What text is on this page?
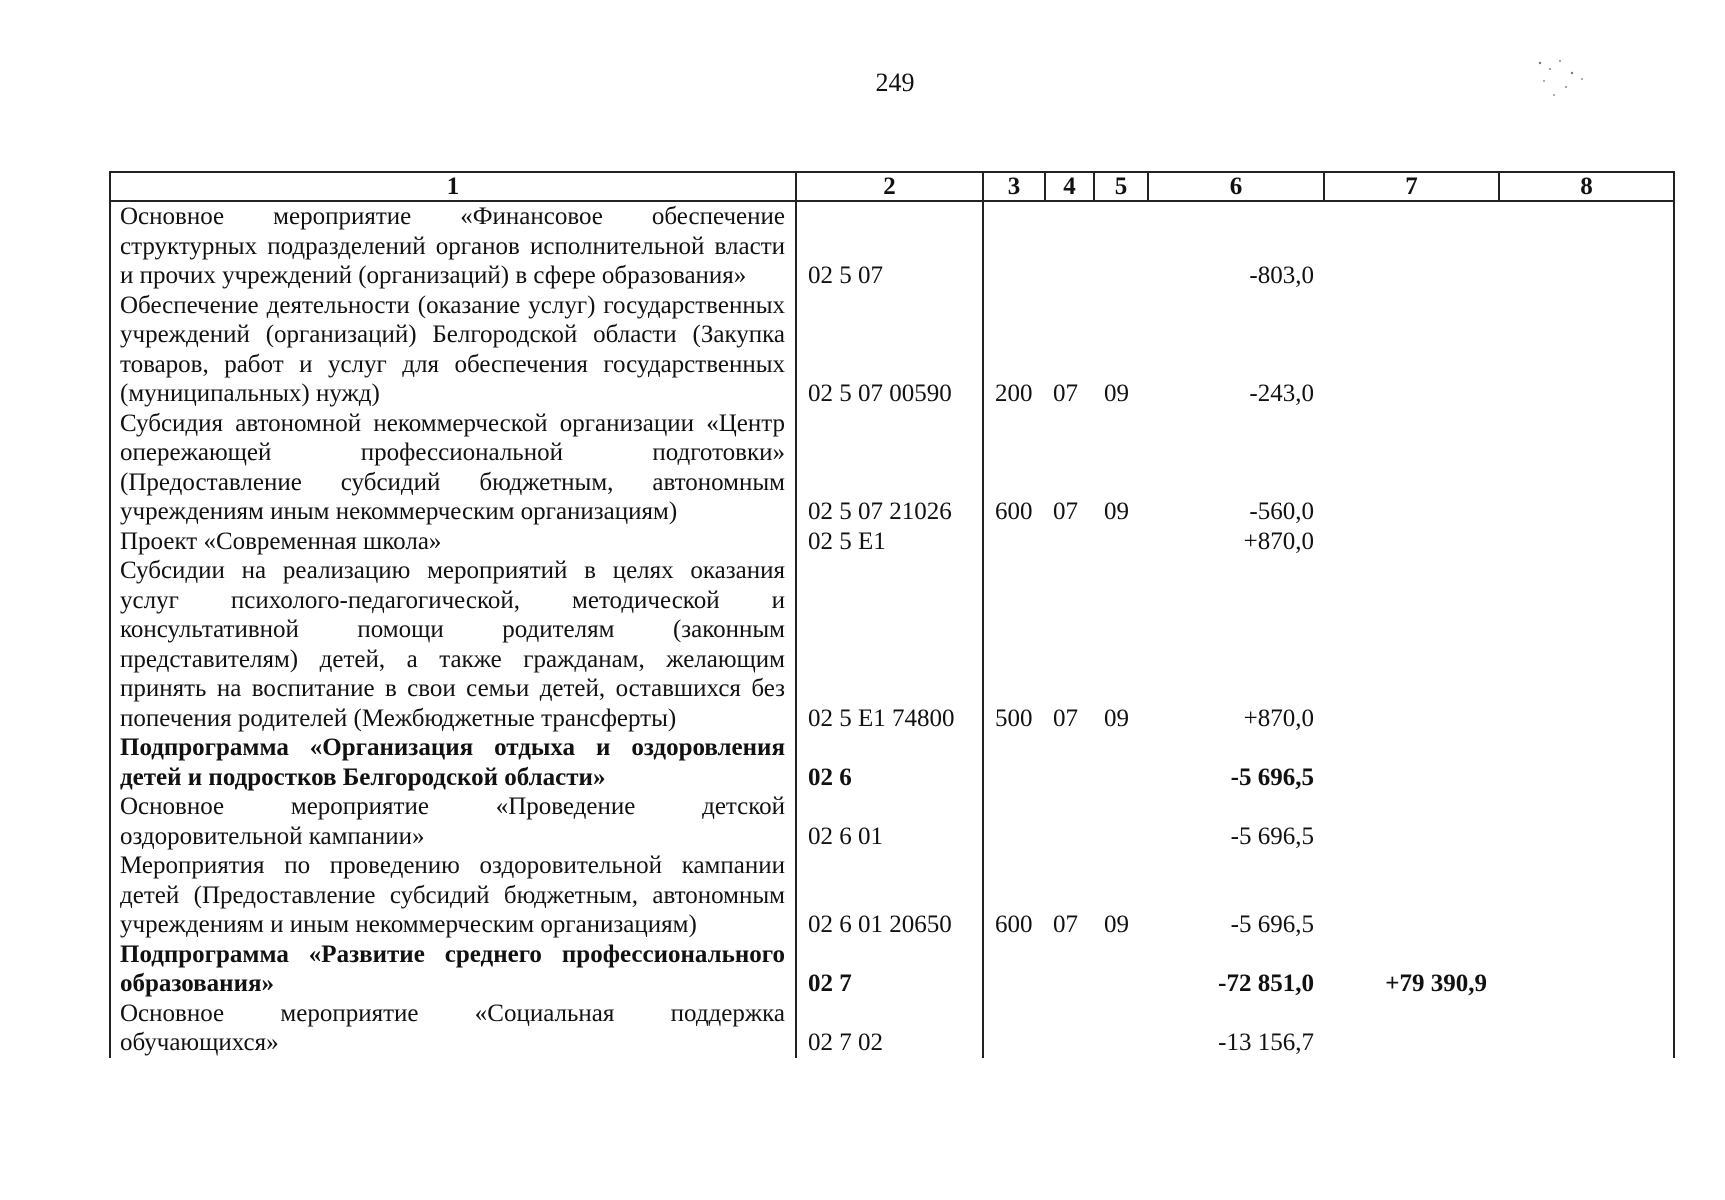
249
1	2	3	4	5	6	7	8
Основное мероприятие «Финансовое обеспечение структурных подразделений органов исполнительной власти и прочих учреждений (организаций) в сфере образования»	02 5 07				-803,0		
Обеспечение деятельности (оказание услуг) государственных учреждений (организаций) Белгородской области (Закупка товаров, работ и услуг для обеспечения государственных (муниципальных) нужд)	02 5 07 00590	200	07	09	-243,0		
Субсидия автономной некоммерческой организации «Центр опережающей профессиональной подготовки» (Предоставление субсидий бюджетным, автономным учреждениям иным некоммерческим организациям)	02 5 07 21026	600	07	09	-560,0		
Проект «Современная школа»	02 5 E1				+870,0		
Субсидии на реализацию мероприятий в целях оказания услуг психолого-педагогической, методической и консультативной помощи родителям (законным представителям) детей, а также гражданам, желающим принять на воспитание в свои семьи детей, оставшихся без попечения родителей (Межбюджетные трансферты)	02 5 E1 74800	500	07	09	+870,0		
Подпрограмма «Организация отдыха и оздоровления детей и подростков Белгородской области»	02 6				-5 696,5		
Основное мероприятие «Проведение детской оздоровительной кампании»	02 6 01				-5 696,5		
Мероприятия по проведению оздоровительной кампании детей (Предоставление субсидий бюджетным, автономным учреждениям и иным некоммерческим организациям)	02 6 01 20650	600	07	09	-5 696,5		
Подпрограмма «Развитие среднего профессионального образования»	02 7				-72 851,0	+79 390,9	
Основное мероприятие «Социальная поддержка обучающихся»	02 7 02				-13 156,7		
